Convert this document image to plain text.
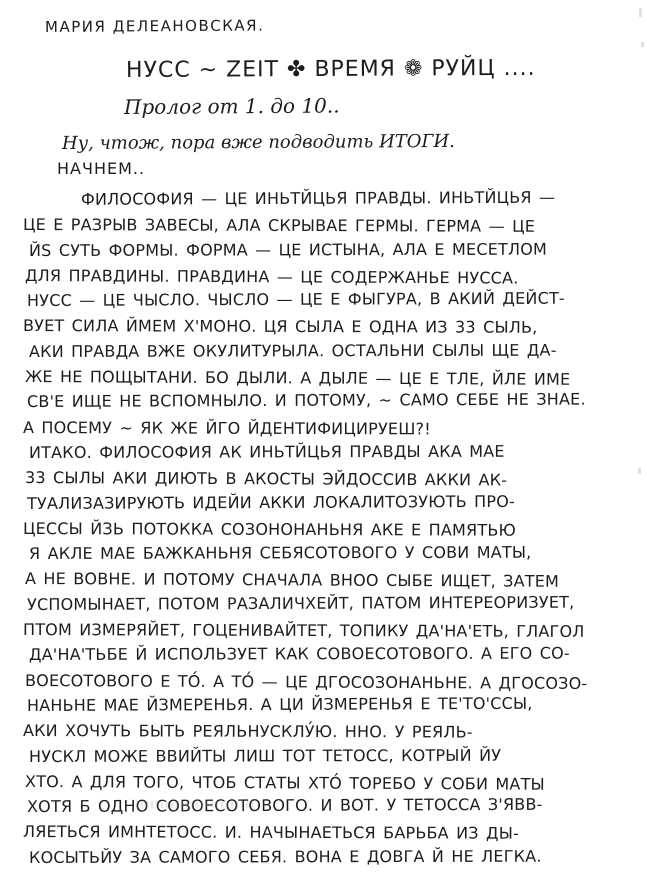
МАРИЯ ДЕЛЕАНОВСКАЯ.
НУСС ~ ZEIT ✤ ВРЕМЯ ❁ РУЙЦ ....
Пролог от 1. до 10..
Ну, чтож, пора вже подводить ИТОГИ.
НАЧНЕМ..
ФИЛОСОФИЯ — ЦЕ ИНЬТЙЦЬЯ ПРАВДЫ. ИНЬТЙЦЬЯ —
ЦЕ Е РАЗРЫВ ЗАВЕСЫ, АЛА СКРЫВАЕ ГЕРМЫ. ГЕРМА — ЦЕ
ЙЅ СУТЬ ФОРМЫ. ФОРМА — ЦЕ ИСТЫНА, АЛА Е МЕСЕТЛОМ
ДЛЯ ПРАВДИНЫ. ПРАВДИНА — ЦЕ СОДЕРЖАНЬЕ НУССА.
НУСС — ЦЕ ЧЫСЛО. ЧЫСЛО — ЦЕ Е ФЫГУРА, В АКИЙ ДЕЙСТ-
ВУЕТ СИЛА ЙМЕМ Х'МОНО. ЦЯ СЫЛА Е ОДНА ИЗ 33 СЫЛЬ,
АКИ ПРАВДА ВЖЕ ОКУЛИТУРЫЛА. ОСТАЛЬНИ СЫЛЫ ЩЕ ДА-
ЖЕ НЕ ПОЩЫТАНИ. БО ДЫЛИ. А ДЫЛЕ — ЦЕ Е ТЛЕ, ЙЛЕ ИМЕ
СВ'Е ИЩЕ НЕ ВСПОМНЫЛО. И ПОТОМУ, ~ САМО СЕБЕ НЕ ЗНАЕ.
А ПОСЕМУ ~ ЯК ЖЕ ЙГО ЙДЕНТИФИЦИРУЕШ?!
ИТАКО. ФИЛОСОФИЯ АК ИНЬТЙЦЬЯ ПРАВДЫ АКА МАЕ
33 СЫЛЫ АКИ ДИЮТЬ В АКОСТЫ ЭЙДОССИВ АККИ АК-
ТУАЛИЗАЗИРУЮТЬ ИДЕЙИ АККИ ЛОКАЛИТОЗУЮТЬ ПРО-
ЦЕССЫ ЙЗЬ ПОТОККА СОЗОНОНАНЬНЯ АКЕ Е ПАМЯТЬЮ
Я АКЛЕ МАЕ БАЖКАНЬНЯ СЕБЯСОТОВОГО У СОВИ МАТЫ,
А НЕ ВОВНЕ. И ПОТОМУ СНАЧАЛА ВНОО СЫБЕ ИЩЕТ, ЗАТЕМ
УСПОМЫНАЕТ, ПОТОМ РАЗАЛИЧХЕЙТ, ПАТОМ ИНТЕРЕОРИЗУЕТ,
ПТОМ ИЗМЕРЯЙЕТ, ГОЦЕНИВАЙТЕТ, ТОПИКУ ДА'НА'ЕТЬ, ГЛАГОЛ
ДА'НА'ТЬБЕ Й ИСПОЛЬЗУЕТ КАК СОВОЕСОТОВОГО. А ЕГО СО-
ВОЕСОТОВОГО Е ТО́. А ТО́ — ЦЕ ДГОСОЗОНАНЬНЕ. А ДГОСОЗО-
НАНЬНЕ МАЕ ЙЗМЕРЕНЬЯ. А ЦИ ЙЗМЕРЕНЬЯ Е ТЕ'ТО'ССЫ,
АКИ ХОЧУТЬ БЫТЬ РЕЯЛЬНУСКЛУ́Ю. ННО. У РЕЯЛЬ-
НУСКЛ МОЖЕ ВВИЙТЫ ЛИШ ТОТ ТЕТОСС, КОТРЫЙ ЙУ
ХТО. А ДЛЯ ТОГО, ЧТОБ СТАТЫ ХТО́ ТОРЕБО У СОБИ МАТЫ
ХОТЯ Б ОДНО СОВОЕСОТОВОГО. И ВОТ. У ТЕТОССА З'ЯВВ-
ЛЯЕТЬСЯ ИМНТЕТОСС. И. НАЧЫНАЕТЬСЯ БАРЬБА ИЗ ДЫ-
КОСЫТЬЙУ ЗА САМОГО СЕБЯ. ВОНА Е ДОВГА Й НЕ ЛЕГКА.
